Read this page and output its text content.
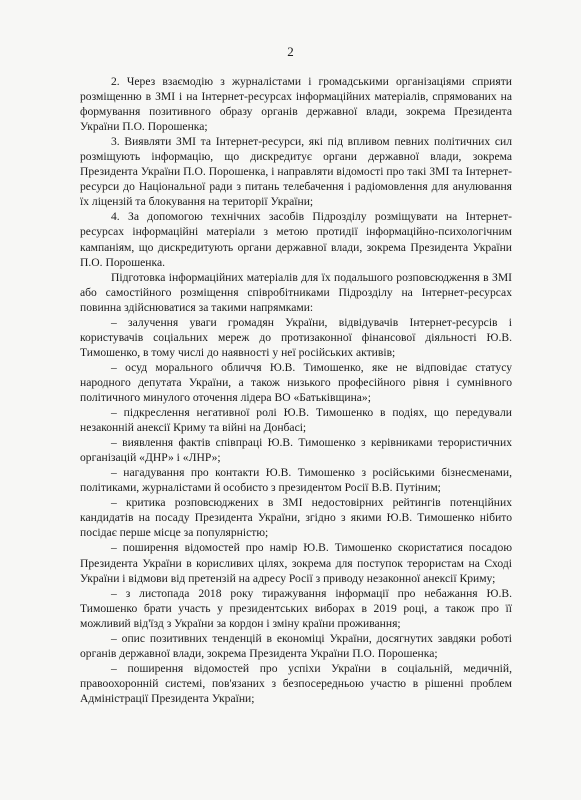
2

2. Через взаємодію з журналістами і громадськими організаціями сприяти розміщенню в ЗМІ і на Інтернет-ресурсах інформаційних матеріалів, спрямованих на формування позитивного образу органів державної влади, зокрема Президента України П.О. Порошенка;

3. Виявляти ЗМІ та Інтернет-ресурси, які під впливом певних політичних сил розміщують інформацію, що дискредитує органи державної влади, зокрема Президента України П.О. Порошенка, і направляти відомості про такі ЗМІ та Інтернет-ресурси до Національної ради з питань телебачення і радіомовлення для анулювання їх ліцензій та блокування на території України;

4. За допомогою технічних засобів Підрозділу розміщувати на Інтернет-ресурсах інформаційні матеріали з метою протидії інформаційно-психологічним кампаніям, що дискредитують органи державної влади, зокрема Президента України П.О. Порошенка.

Підготовка інформаційних матеріалів для їх подальшого розповсюдження в ЗМІ або самостійного розміщення співробітниками Підрозділу на Інтернет-ресурсах повинна здійснюватися за такими напрямками:

– залучення уваги громадян України, відвідувачів Інтернет-ресурсів і користувачів соціальних мереж до протизаконної фінансової діяльності Ю.В. Тимошенко, в тому числі до наявності у неї російських активів;

– осуд морального обличчя Ю.В. Тимошенко, яке не відповідає статусу народного депутата України, а також низького професійного рівня і сумнівного політичного минулого оточення лідера ВО «Батьківщина»;

– підкреслення негативної ролі Ю.В. Тимошенко в подіях, що передували незаконній анексії Криму та війні на Донбасі;

– виявлення фактів співпраці Ю.В. Тимошенко з керівниками терористичних організацій «ДНР» і «ЛНР»;

– нагадування про контакти Ю.В. Тимошенко з російськими бізнесменами, політиками, журналістами й особисто з президентом Росії В.В. Путіним;

– критика розповсюджених в ЗМІ недостовірних рейтингів потенційних кандидатів на посаду Президента України, згідно з якими Ю.В. Тимошенко нібито посідає перше місце за популярністю;

– поширення відомостей про намір Ю.В. Тимошенко скористатися посадою Президента України в корисливих цілях, зокрема для поступок терористам на Сході України і відмови від претензій на адресу Росії з приводу незаконної анексії Криму;

– з листопада 2018 року тиражування інформації про небажання Ю.В. Тимошенко брати участь у президентських виборах в 2019 році, а також про її можливий від'їзд з України за кордон і зміну країни проживання;

– опис позитивних тенденцій в економіці України, досягнутих завдяки роботі органів державної влади, зокрема Президента України П.О. Порошенка;

– поширення відомостей про успіхи України в соціальній, медичній, правоохоронній системі, пов'язаних з безпосередньою участю в рішенні проблем Адміністрації Президента України;
